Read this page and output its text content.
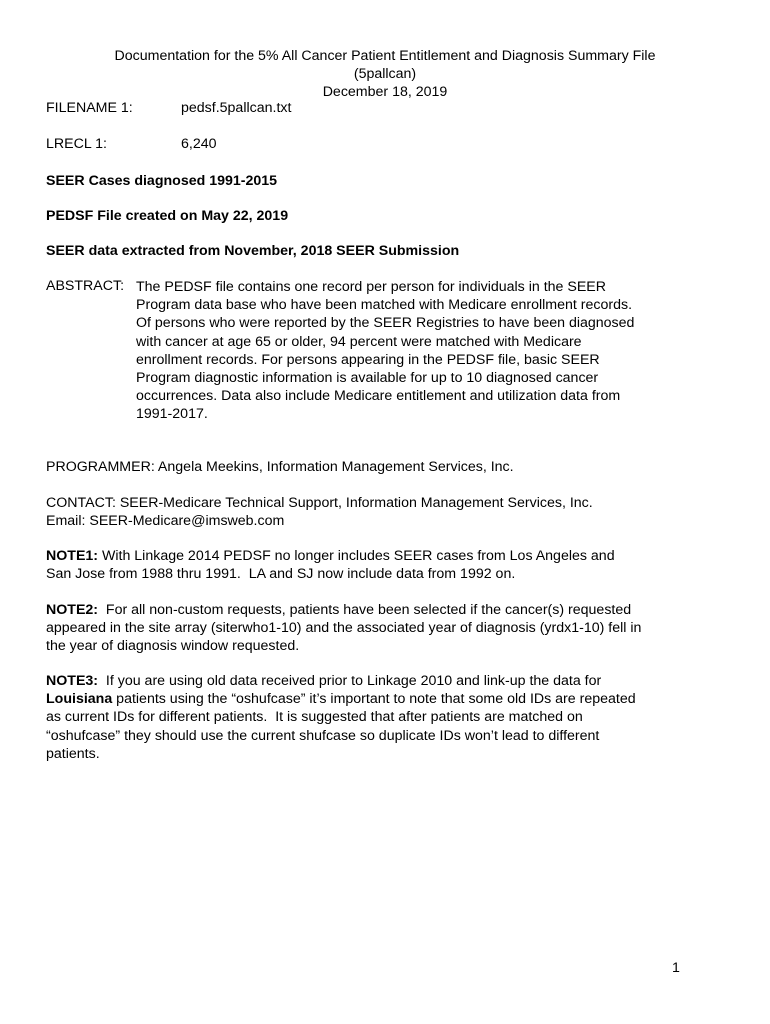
Documentation for the 5% All Cancer Patient Entitlement and Diagnosis Summary File
(5pallcan)
December 18, 2019
FILENAME 1:	pedsf.5pallcan.txt
LRECL 1:	6,240
SEER Cases diagnosed 1991-2015
PEDSF File created on May 22, 2019
SEER data extracted from November, 2018 SEER Submission
ABSTRACT: The PEDSF file contains one record per person for individuals in the SEER
Program data base who have been matched with Medicare enrollment records.
Of persons who were reported by the SEER Registries to have been diagnosed
with cancer at age 65 or older, 94 percent were matched with Medicare
enrollment records. For persons appearing in the PEDSF file, basic SEER
Program diagnostic information is available for up to 10 diagnosed cancer
occurrences. Data also include Medicare entitlement and utilization data from
1991-2017.
PROGRAMMER: Angela Meekins, Information Management Services, Inc.
CONTACT: SEER-Medicare Technical Support, Information Management Services, Inc.
Email: SEER-Medicare@imsweb.com
NOTE1: With Linkage 2014 PEDSF no longer includes SEER cases from Los Angeles and
San Jose from 1988 thru 1991.  LA and SJ now include data from 1992 on.
NOTE2:  For all non-custom requests, patients have been selected if the cancer(s) requested
appeared in the site array (siterwho1-10) and the associated year of diagnosis (yrdx1-10) fell in
the year of diagnosis window requested.
NOTE3:  If you are using old data received prior to Linkage 2010 and link-up the data for
Louisiana patients using the “oshufcase” it’s important to note that some old IDs are repeated
as current IDs for different patients.  It is suggested that after patients are matched on
“oshufcase” they should use the current shufcase so duplicate IDs won’t lead to different
patients.
1
